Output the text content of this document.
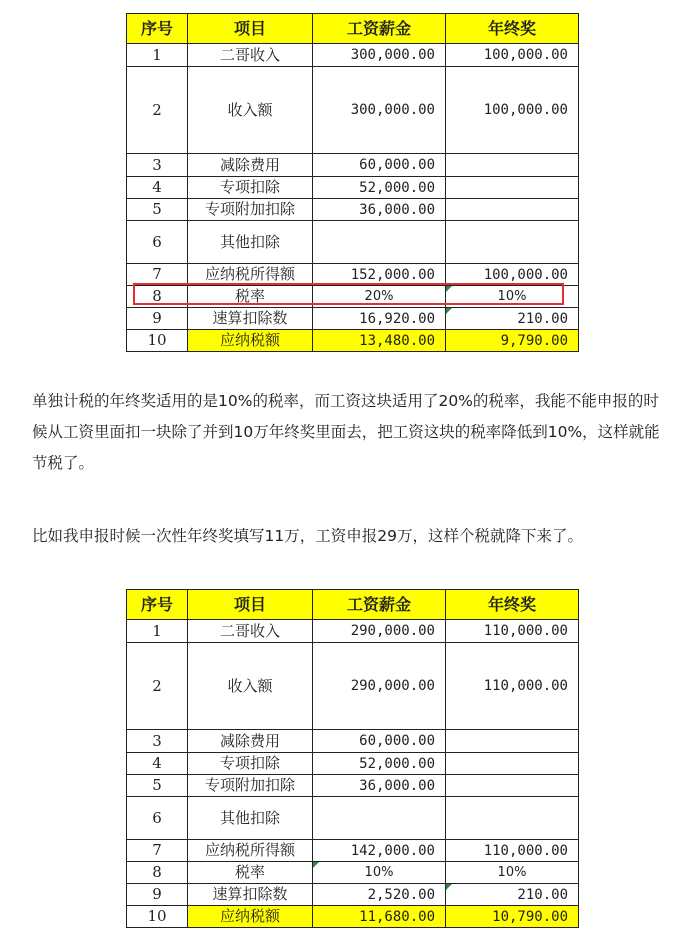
序号	项目	工资薪金	年终奖
1	二哥收入	300,000.00	100,000.00
2	收入额	300,000.00	100,000.00
3	减除费用	60,000.00	
4	专项扣除	52,000.00	
5	专项附加扣除	36,000.00	
6	其他扣除		
7	应纳税所得额	152,000.00	100,000.00
8	税率	20%	10%
9	速算扣除数	16,920.00	210.00
10	应纳税额	13,480.00	9,790.00

单独计税的年终奖适用的是10%的税率，而工资这块适用了20%的税率，我能不能申报的时候从工资里面扣一块除了并到10万年终奖里面去，把工资这块的税率降低到10%，这样就能节税了。

比如我申报时候一次性年终奖填写11万，工资申报29万，这样个税就降下来了。

序号	项目	工资薪金	年终奖
1	二哥收入	290,000.00	110,000.00
2	收入额	290,000.00	110,000.00
3	减除费用	60,000.00	
4	专项扣除	52,000.00	
5	专项附加扣除	36,000.00	
6	其他扣除		
7	应纳税所得额	142,000.00	110,000.00
8	税率	10%	10%
9	速算扣除数	2,520.00	210.00
10	应纳税额	11,680.00	10,790.00
